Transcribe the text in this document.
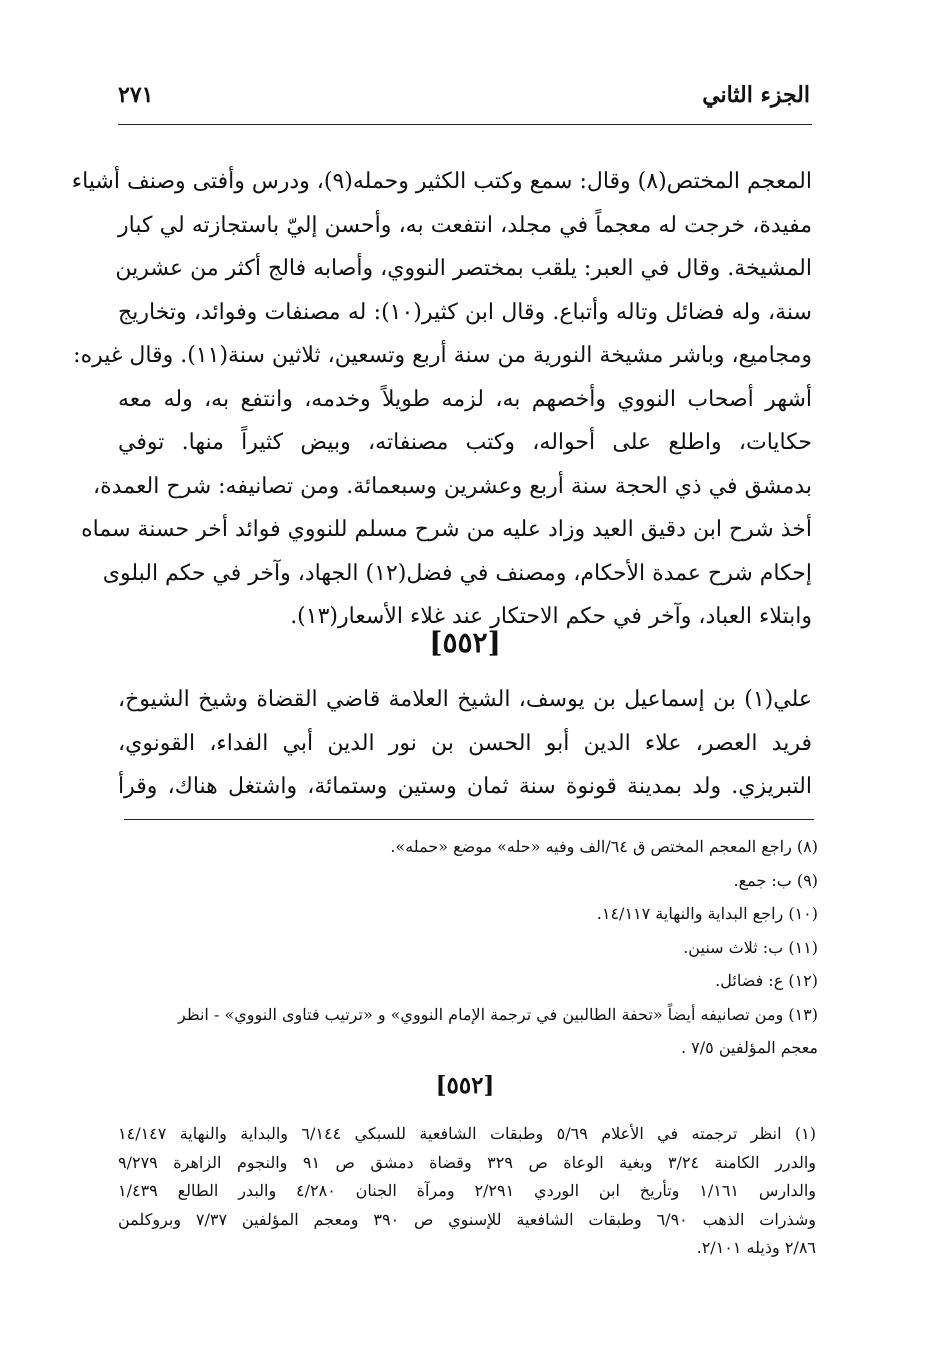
الجزء الثاني
٢٧١
المعجم المختص(٨) وقال: سمع وكتب الكثير وحمله(٩)، ودرس وأفتى وصنف أشياء
مفيدة، خرجت له معجماً في مجلد، انتفعت به، وأحسن إليّ باستجازته لي كبار
المشيخة. وقال في العبر: يلقب بمختصر النووي، وأصابه فالج أكثر من عشرين
سنة، وله فضائل وتاله وأتباع. وقال ابن كثير(١٠): له مصنفات وفوائد، وتخاريج
ومجاميع، وباشر مشيخة النورية من سنة أربع وتسعين، ثلاثين سنة(١١). وقال غيره:
أشهر أصحاب النووي وأخصهم به، لزمه طويلاً وخدمه، وانتفع به، وله معه
حكايات، واطلع على أحواله، وكتب مصنفاته، وبيض كثيراً منها. توفي
بدمشق في ذي الحجة سنة أربع وعشرين وسبعمائة. ومن تصانيفه: شرح العمدة،
أخذ شرح ابن دقيق العيد وزاد عليه من شرح مسلم للنووي فوائد أخر حسنة سماه
إحكام شرح عمدة الأحكام، ومصنف في فضل(١٢) الجهاد، وآخر في حكم البلوى
وابتلاء العباد، وآخر في حكم الاحتكار عند غلاء الأسعار(١٣).
[٥٥٢]
علي(١) بن إسماعيل بن يوسف، الشيخ العلامة قاضي القضاة وشيخ الشيوخ،
فريد العصر، علاء الدين أبو الحسن بن نور الدين أبي الفداء، القونوي،
التبريزي. ولد بمدينة قونوة سنة ثمان وستين وستمائة، واشتغل هناك، وقرأ
(٨) راجع المعجم المختص ق ٦٤/الف وفيه «حله» موضع «حمله».
(٩) ب: جمع.
(١٠) راجع البداية والنهاية ١٤/١١٧.
(١١) ب: ثلاث سنين.
(١٢) ع: فضائل.
(١٣) ومن تصانيفه أيضاً «تحفة الطالبين في ترجمة الإمام النووي» و «ترتيب فتاوى النووي» - انظر
معجم المؤلفين ٧/٥ .
[٥٥٢]
(١) انظر ترجمته في الأعلام ٥/٦٩ وطبقات الشافعية للسبكي ٦/١٤٤ والبداية والنهاية ١٤/١٤٧
والدرر الكامنة ٣/٢٤ وبغية الوعاة ص ٣٢٩ وقضاة دمشق ص ٩١ والنجوم الزاهرة ٩/٢٧٩
والدارس ١/١٦١ وتأريخ ابن الوردي ٢/٢٩١ ومرآة الجنان ٤/٢٨٠ والبدر الطالع ١/٤٣٩
وشذرات الذهب ٦/٩٠ وطبقات الشافعية للإسنوي ص ٣٩٠ ومعجم المؤلفين ٧/٣٧ وبروكلمن
٢/٨٦ وذيله ٢/١٠١.
